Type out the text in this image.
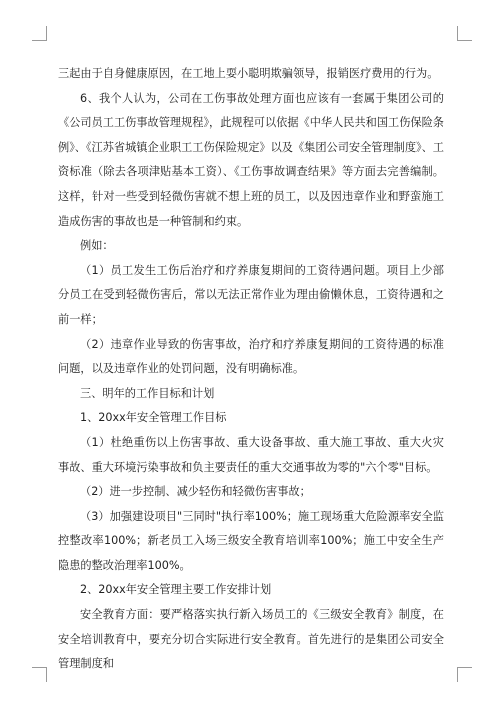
三起由于自身健康原因，在工地上耍小聪明欺骗领导，报销医疗费用的行为。

6、我个人认为，公司在工伤事故处理方面也应该有一套属于集团公司的《公司员工工伤事故管理规程》，此规程可以依据《中华人民共和国工伤保险条例》、《江苏省城镇企业职工工伤保险规定》以及《集团公司安全管理制度》、工资标准（除去各项津贴基本工资）、《工伤事故调查结果》等方面去完善编制。这样，针对一些受到轻微伤害就不想上班的员工，以及因违章作业和野蛮施工造成伤害的事故也是一种管制和约束。

例如：

（1）员工发生工伤后治疗和疗养康复期间的工资待遇问题。项目上少部分员工在受到轻微伤害后，常以无法正常作业为理由偷懒休息，工资待遇和之前一样；

（2）违章作业导致的伤害事故，治疗和疗养康复期间的工资待遇的标准问题，以及违章作业的处罚问题，没有明确标准。

三、明年的工作目标和计划

1、20xx年安全管理工作目标

（1）杜绝重伤以上伤害事故、重大设备事故、重大施工事故、重大火灾事故、重大环境污染事故和负主要责任的重大交通事故为零的"六个零"目标。

（2）进一步控制、减少轻伤和轻微伤害事故；

（3）加强建设项目"三同时"执行率100%；施工现场重大危险源率安全监控整改率100%；新老员工入场三级安全教育培训率100%；施工中安全生产隐患的整改治理率100%。

2、20xx年安全管理主要工作安排计划

安全教育方面：要严格落实执行新入场员工的《三级安全教育》制度，在安全培训教育中，要充分切合实际进行安全教育。首先进行的是集团公司安全管理制度和
